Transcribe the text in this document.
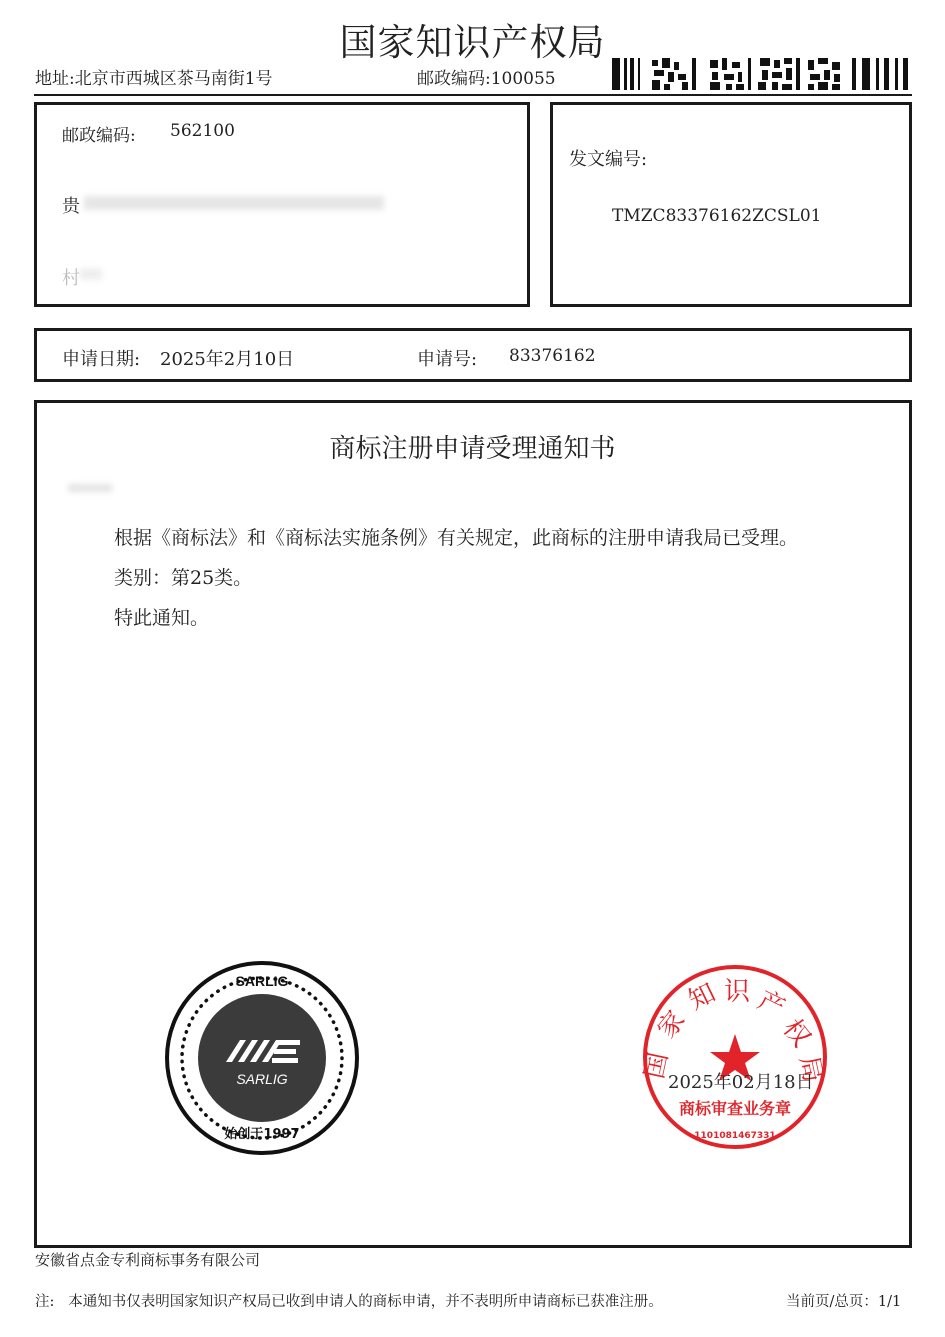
国家知识产权局
地址:北京市西城区茶马南街1号	邮政编码:100055
邮政编码: 562100
贵
村
发文编号:
TMZC83376162ZCSL01
申请日期: 2025年2月10日	申请号: 83376162
商标注册申请受理通知书
根据《商标法》和《商标法实施条例》有关规定，此商标的注册申请我局已受理。
类别：第25类。
特此通知。
SARLIG
SARLIG
始创于1997
国
家
知 识 产
权
局
商标审查业务章
1101081467331
2025年02月18日
安徽省点金专利商标事务有限公司
注:   本通知书仅表明国家知识产权局已收到申请人的商标申请，并不表明所申请商标已获准注册。	当前页/总页：1/1
